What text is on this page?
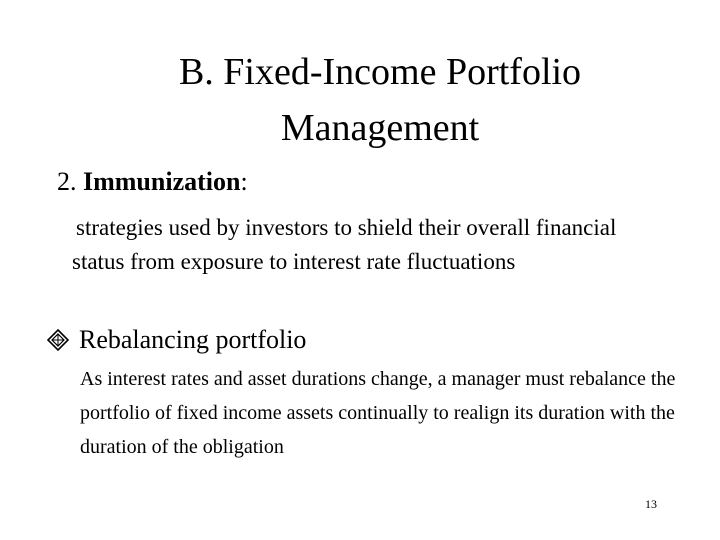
B. Fixed-Income Portfolio
Management

2. Immunization:

strategies used by investors to shield their overall financial status from exposure to interest rate fluctuations
Rebalancing portfolio
As interest rates and asset durations change, a manager must rebalance the portfolio of fixed income assets continually to realign its duration with the duration of the obligation
13
